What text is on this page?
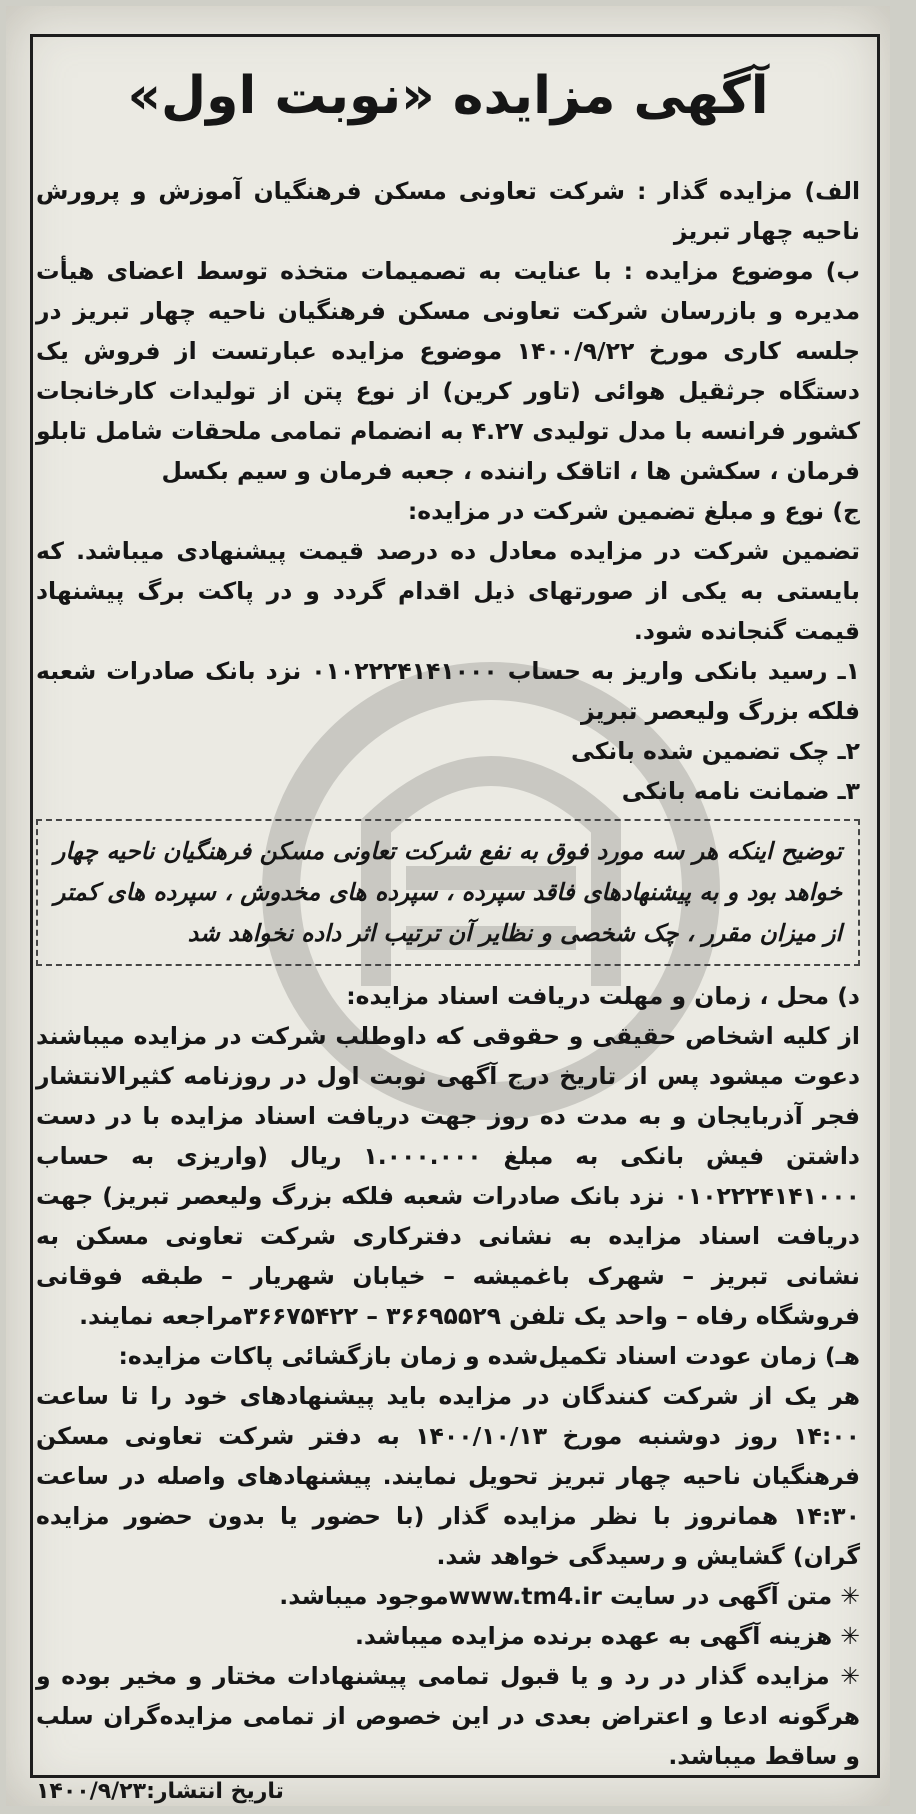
آگهی مزایده «نوبت اول»

الف) مزایده گذار : شرکت تعاونی مسکن فرهنگیان آموزش و پرورش ناحیه چهار تبریز

ب) موضوع مزایده : با عنایت به تصمیمات متخذه توسط اعضای هیأت مدیره و بازرسان شرکت تعاونی مسکن فرهنگیان ناحیه چهار تبریز در جلسه کاری مورخ ۱۴۰۰/۹/۲۲ موضوع مزایده عبارتست از فروش یک دستگاه جرثقیل هوائی (تاور کرین) از نوع پتن از تولیدات کارخانجات کشور فرانسه با مدل تولیدی ۴.۲۷ به انضمام تمامی ملحقات شامل تابلو فرمان ، سکشن ها ، اتاقک راننده ، جعبه فرمان و سیم بکسل

ج) نوع و مبلغ تضمین شرکت در مزایده:

تضمین شرکت در مزایده معادل ده درصد قیمت پیشنهادی میباشد. که بایستی به یکی از صورتهای ذیل اقدام گردد و در پاکت برگ پیشنهاد قیمت گنجانده شود.

۱ـ رسید بانکی واریز به حساب ۰۱۰۲۲۲۴۱۴۱۰۰۰ نزد بانک صادرات شعبه فلکه بزرگ ولیعصر تبریز

۲ـ چک تضمین شده بانکی

۳ـ ضمانت نامه بانکی

توضیح اینکه هر سه مورد فوق به نفع شرکت تعاونی مسکن فرهنگیان ناحیه چهار خواهد بود و به پیشنهادهای فاقد سپرده ، سپرده های مخدوش ، سپرده های کمتر از میزان مقرر ، چک شخصی و نظایر آن ترتیب اثر داده نخواهد شد

د) محل ، زمان و مهلت دریافت اسناد مزایده:

از کلیه اشخاص حقیقی و حقوقی که داوطلب شرکت در مزایده میباشند دعوت میشود پس از تاریخ درج آگهی نوبت اول در روزنامه کثیرالانتشار فجر آذربایجان و به مدت ده روز جهت دریافت اسناد مزایده با در دست داشتن فیش بانکی به مبلغ ۱.۰۰۰.۰۰۰ ریال (واریزی به حساب ۰۱۰۲۲۲۴۱۴۱۰۰۰ نزد بانک صادرات شعبه فلکه بزرگ ولیعصر تبریز) جهت دریافت اسناد مزایده به نشانی دفترکاری شرکت تعاونی مسکن به نشانی تبریز – شهرک باغمیشه – خیابان شهریار – طبقه فوقانی فروشگاه رفاه – واحد یک تلفن ۳۶۶۹۵۵۲۹ – ۳۶۶۷۵۴۲۲مراجعه نمایند.

هـ) زمان عودت اسناد تکمیل‌شده و زمان بازگشائی پاکات مزایده:

هر یک از شرکت کنندگان در مزایده باید پیشنهادهای خود را تا ساعت ۱۴:۰۰ روز دوشنبه مورخ ۱۴۰۰/۱۰/۱۳ به دفتر شرکت تعاونی مسکن فرهنگیان ناحیه چهار تبریز تحویل نمایند. پیشنهادهای واصله در ساعت ۱۴:۳۰ همانروز با نظر مزایده گذار (با حضور یا بدون حضور مزایده گران) گشایش و رسیدگی خواهد شد.

✳ متن آگهی در سایت www.tm4.irموجود میباشد.

✳ هزینه آگهی به عهده برنده مزایده میباشد.

✳ مزایده گذار در رد و یا قبول تمامی پیشنهادات مختار و مخیر بوده و هرگونه ادعا و اعتراض بعدی در این خصوص از تمامی مزایده‌گران سلب و ساقط میباشد.

تاریخ انتشار:۱۴۰۰/۹/۲۳
